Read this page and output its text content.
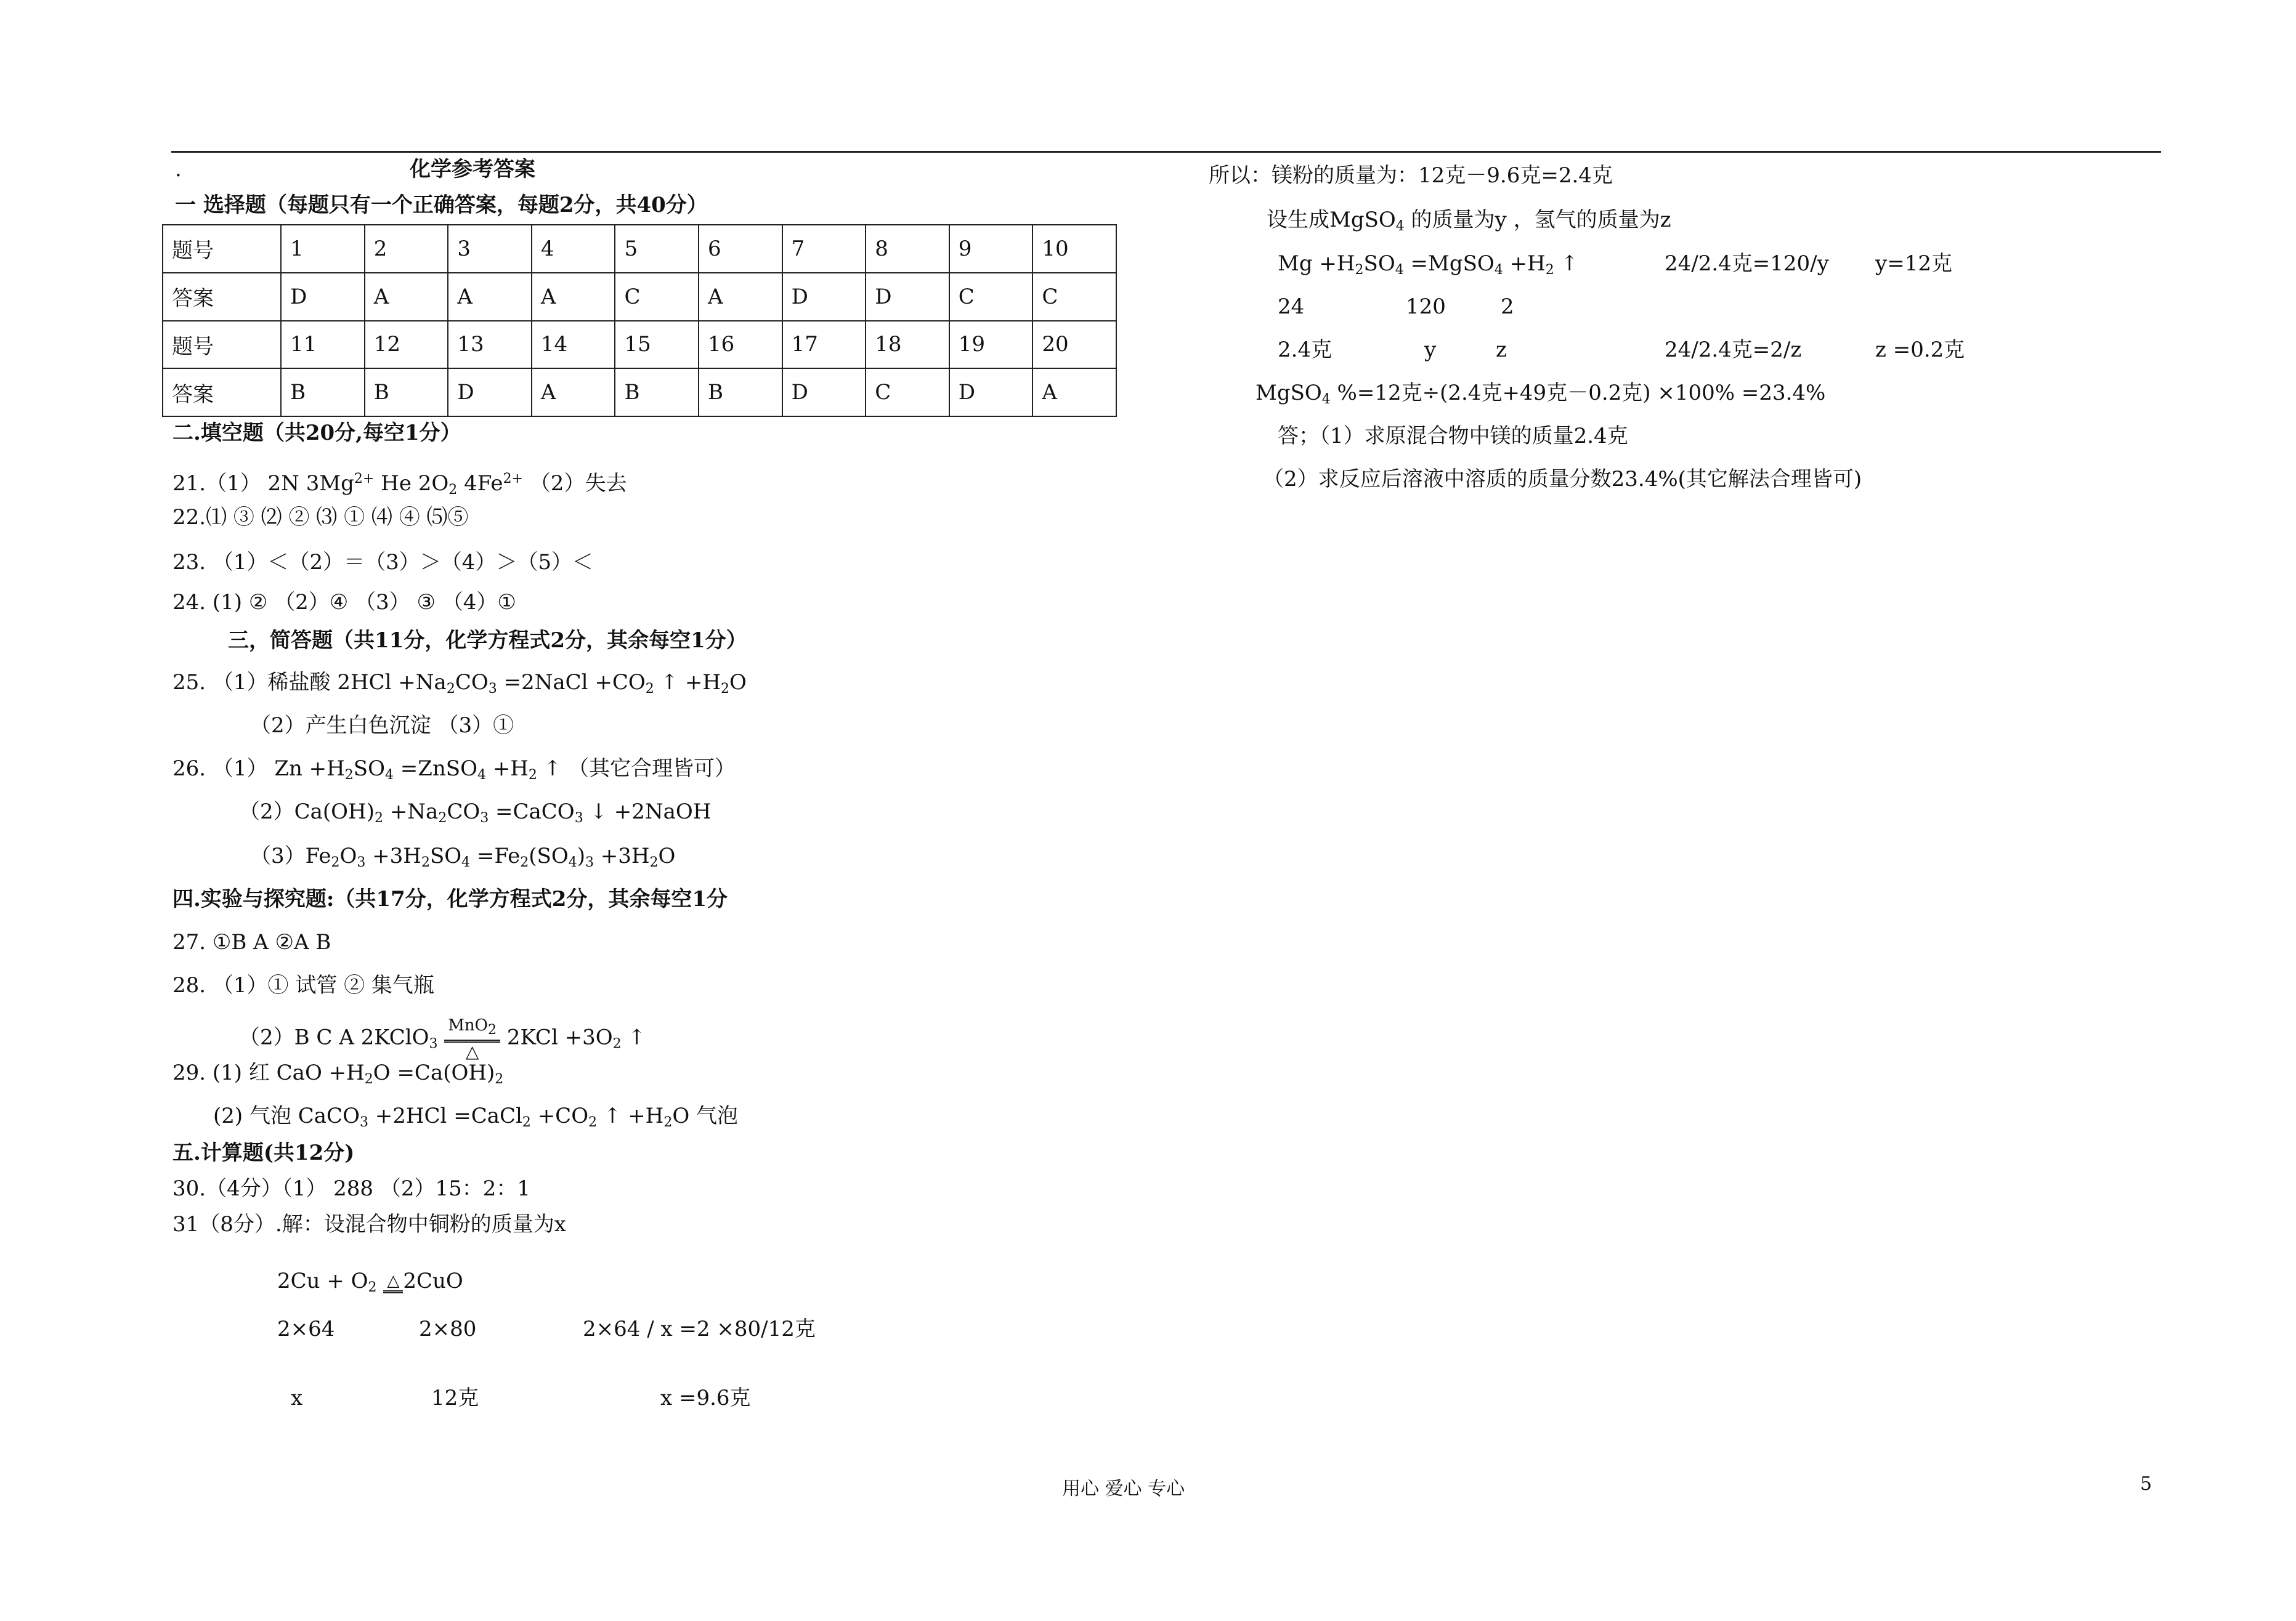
.	化学参考答案
一 选择题（每题只有一个正确答案，每题2分，共40分）
题号	1	2	3	4	5	6	7	8	9	10
答案	D	A	A	A	C	A	D	D	C	C
题号	11	12	13	14	15	16	17	18	19	20
答案	B	B	D	A	B	B	D	C	D	A
二.填空题（共20分,每空1分）
21.（1） 2N $3Mg^{2+}$ He $2O_2$ $4Fe^{2+}$ （2）失去
22.⑴ ③ ⑵ ② ⑶ ① ⑷ ④ ⑸⑤
23. （1）＜（2）＝（3）＞（4）＞（5）＜
24. (1) ② （2）④ （3） ③ （4）①
三，简答题（共11分，化学方程式2分，其余每空1分）
25. （1）稀盐酸 $2HCl +Na_2CO_3$ =2NaCl $+CO_2$ ↑ $+H_2O$
（2）产生白色沉淀 （3）①
26. （1） $Zn +H_2SO_4$ =ZnSO$_4$ $+H_2$ ↑ （其它合理皆可）
$(2)Ca(OH)_2 +Na_2CO_3$ =CaCO$_3$ ↓ +2NaOH
$(3)Fe_2O_3 +3H_2SO_4 =Fe_2(SO_4)_3 +3H_2O$
四.实验与探究题:（共17分，化学方程式2分，其余每空1分
27. ①B A ②A B
28. （1）① 试管 ② 集气瓶
（2）B C A 2KClO$_3$ $\frac{MnO_2}{\triangle} 2KCl +3O_2$ ↑
29. (1) 红 CaO $+H_2O =Ca(OH)_2$
(2) 气泡 CaCO$_3$ +2HCl =CaCl$_2$ $+CO_2$ ↑ $+H_2O$ 气泡
五.计算题(共12分)
30.（4分）（1） 288 （2）15：2：1
31（8分）.解：设混合物中铜粉的质量为x
$2Cu + O_2$ △ 2CuO
2×64	2×80	2×64 / x =2 ×80/12克
x	12克	x =9.6克
所以：镁粉的质量为：12克－9.6克=2.4克
设生成MgSO$_4$ 的质量为y ，氢气的质量为z
$Mg +H_2SO_4$ =MgSO$_4$ $+H_2$ ↑	24/2.4克=120/y y=12克
24	120	2
2.4克	y	z	24/2.4克=2/z	z =0.2克
MgSO$_4$ %=12克÷(2.4克+49克－0.2克) ×100% =23.4%
答；（1）求原混合物中镁的质量2.4克
（2）求反应后溶液中溶质的质量分数23.4%(其它解法合理皆可)
用心 爱心 专心	5
